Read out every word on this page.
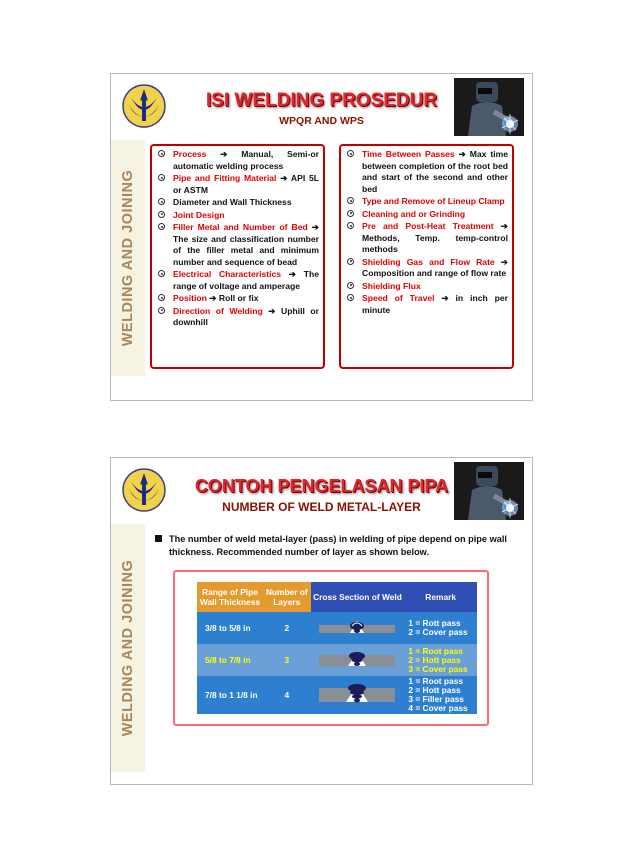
ISI WELDING PROSEDUR
WPQR AND WPS
WELDING AND JOINING
Process ➔ Manual, Semi-or automatic welding process
Pipe and Fitting Material ➔ API 5L or ASTM
Diameter and Wall Thickness
Joint Design
Filler Metal and Number of Bed ➔ The size and classification number of the filler metal and minimum number and sequence of bead
Electrical Characteristics ➔ The range of voltage and amperage
Position ➔ Roll or fix
Direction of Welding ➔ Uphill or downhill
Time Between Passes ➔ Max time between completion of the root bed and start of the second and other bed
Type and Remove of Lineup Clamp
Cleaning and or Grinding
Pre and Post-Heat Treatment ➔ Methods, Temp. temp-control methods
Shielding Gas and Flow Rate ➔ Composition and range of flow rate
Shielding Flux
Speed of Travel ➔ in inch per minute
CONTOH PENGELASAN PIPA
NUMBER OF WELD METAL-LAYER
WELDING AND JOINING
The number of weld metal-layer (pass) in welding of pipe depend on pipe wall thickness. Recommended number of layer as shown below.
Range of Pipe Wall Thickness	Number of Layers	Cross Section of Weld	Remark
3/8 to 5/8 in	2		1 = Rott pass
2 = Cover pass

5/8 to 7/8 in	3		1 = Root pass
2 = Hott pass
3 = Cover pass

7/8 to 1 1/8 in	4		1 = Root pass
2 = Hott pass
3 = Filler pass
4 = Cover pass
